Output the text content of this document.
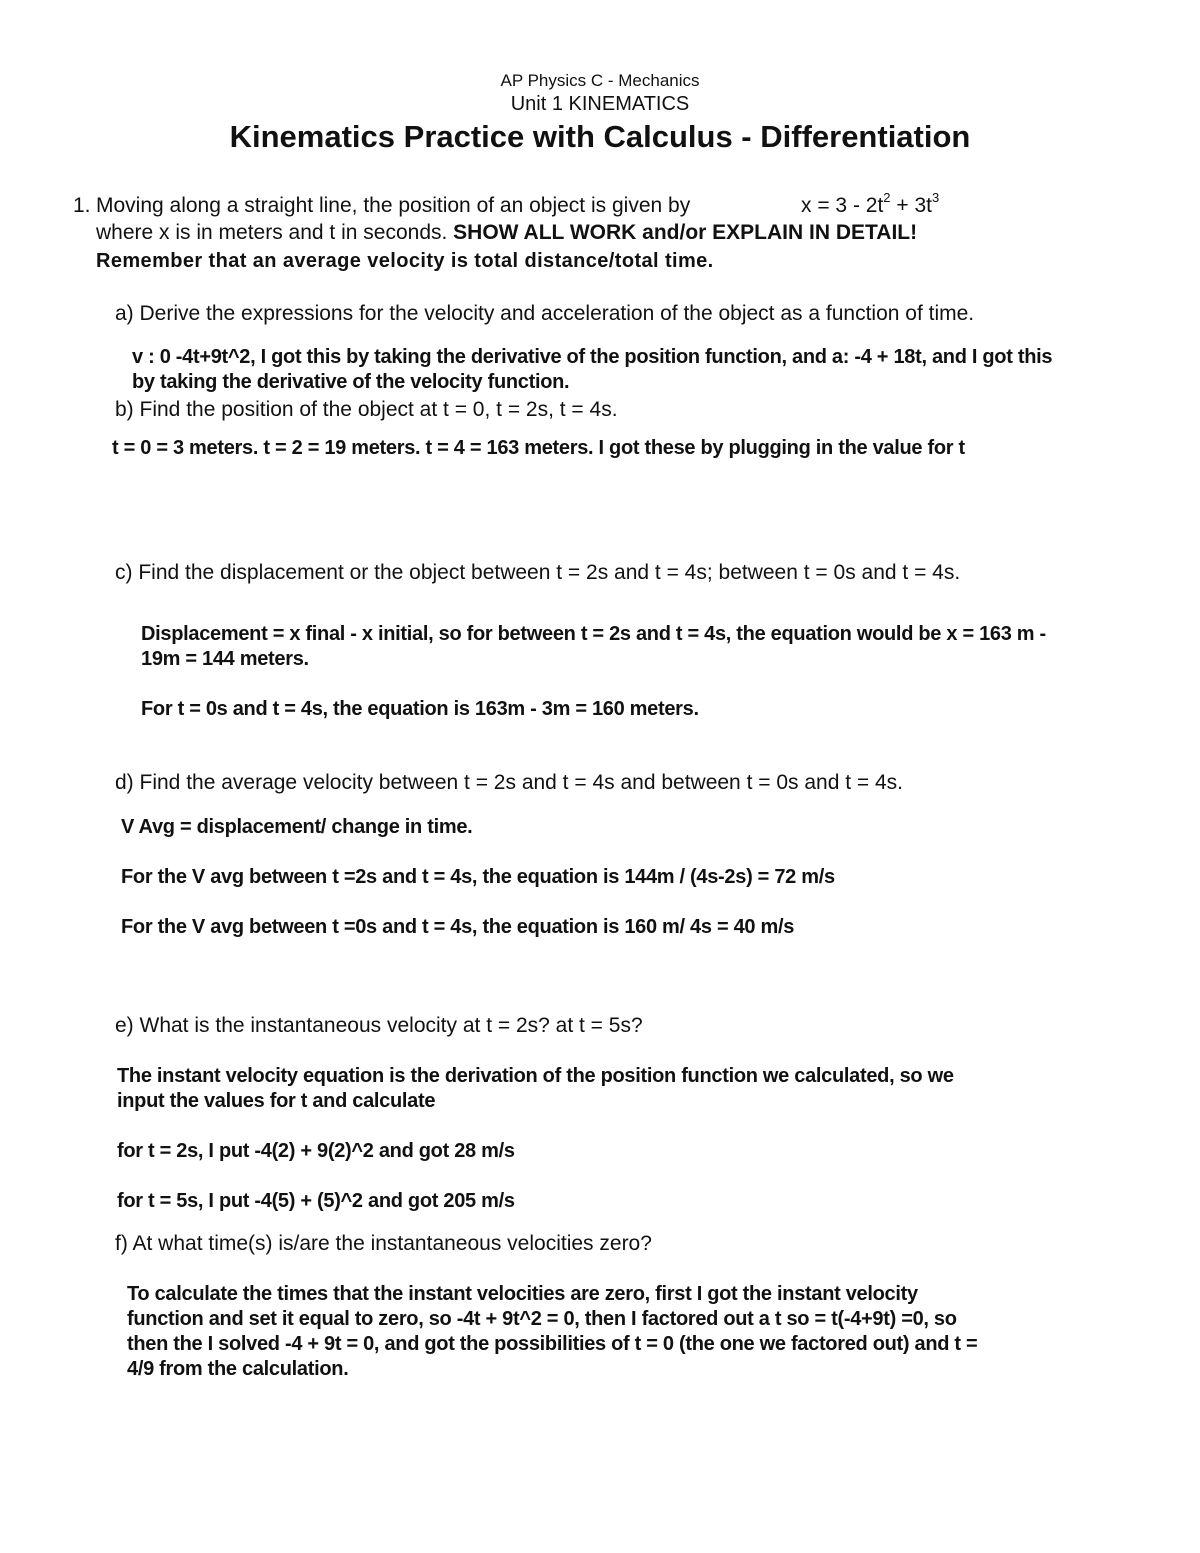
AP Physics C - Mechanics
Unit 1 KINEMATICS
Kinematics Practice with Calculus - Differentiation
1. Moving along a straight line, the position of an object is given by	$x = 3 - 2t^2 + 3t^3$
where x is in meters and t in seconds. SHOW ALL WORK and/or EXPLAIN IN DETAIL!
Remember that an average velocity is total distance/total time.
a) Derive the expressions for the velocity and acceleration of the object as a function of time.
v : 0 -4t+9t^2, I got this by taking the derivative of the position function, and a: -4 + 18t, and I got this
by taking the derivative of the velocity function.
b) Find the position of the object at t = 0, t = 2s, t = 4s.
t = 0 = 3 meters. t = 2 = 19 meters. t = 4 = 163 meters. I got these by plugging in the value for t
c) Find the displacement or the object between t = 2s and t = 4s; between t = 0s and t = 4s.
Displacement = x final - x initial, so for between t = 2s and t = 4s, the equation would be x = 163 m -
19m = 144 meters.
For t = 0s and t = 4s, the equation is 163m - 3m = 160 meters.
d) Find the average velocity between t = 2s and t = 4s and between t = 0s and t = 4s.
V Avg = displacement/ change in time.
For the V avg between t =2s and t = 4s, the equation is 144m / (4s-2s) = 72 m/s
For the V avg between t =0s and t = 4s, the equation is 160 m/ 4s = 40 m/s
e) What is the instantaneous velocity at t = 2s? at t = 5s?
The instant velocity equation is the derivation of the position function we calculated, so we
input the values for t and calculate
for t = 2s, I put -4(2) + 9(2)^2 and got 28 m/s
for t = 5s, I put -4(5) + (5)^2 and got 205 m/s
f) At what time(s) is/are the instantaneous velocities zero?
To calculate the times that the instant velocities are zero, first I got the instant velocity
function and set it equal to zero, so -4t + 9t^2 = 0, then I factored out a t so = t(-4+9t) =0, so
then the I solved -4 + 9t = 0, and got the possibilities of t = 0 (the one we factored out) and t =
4/9 from the calculation.
